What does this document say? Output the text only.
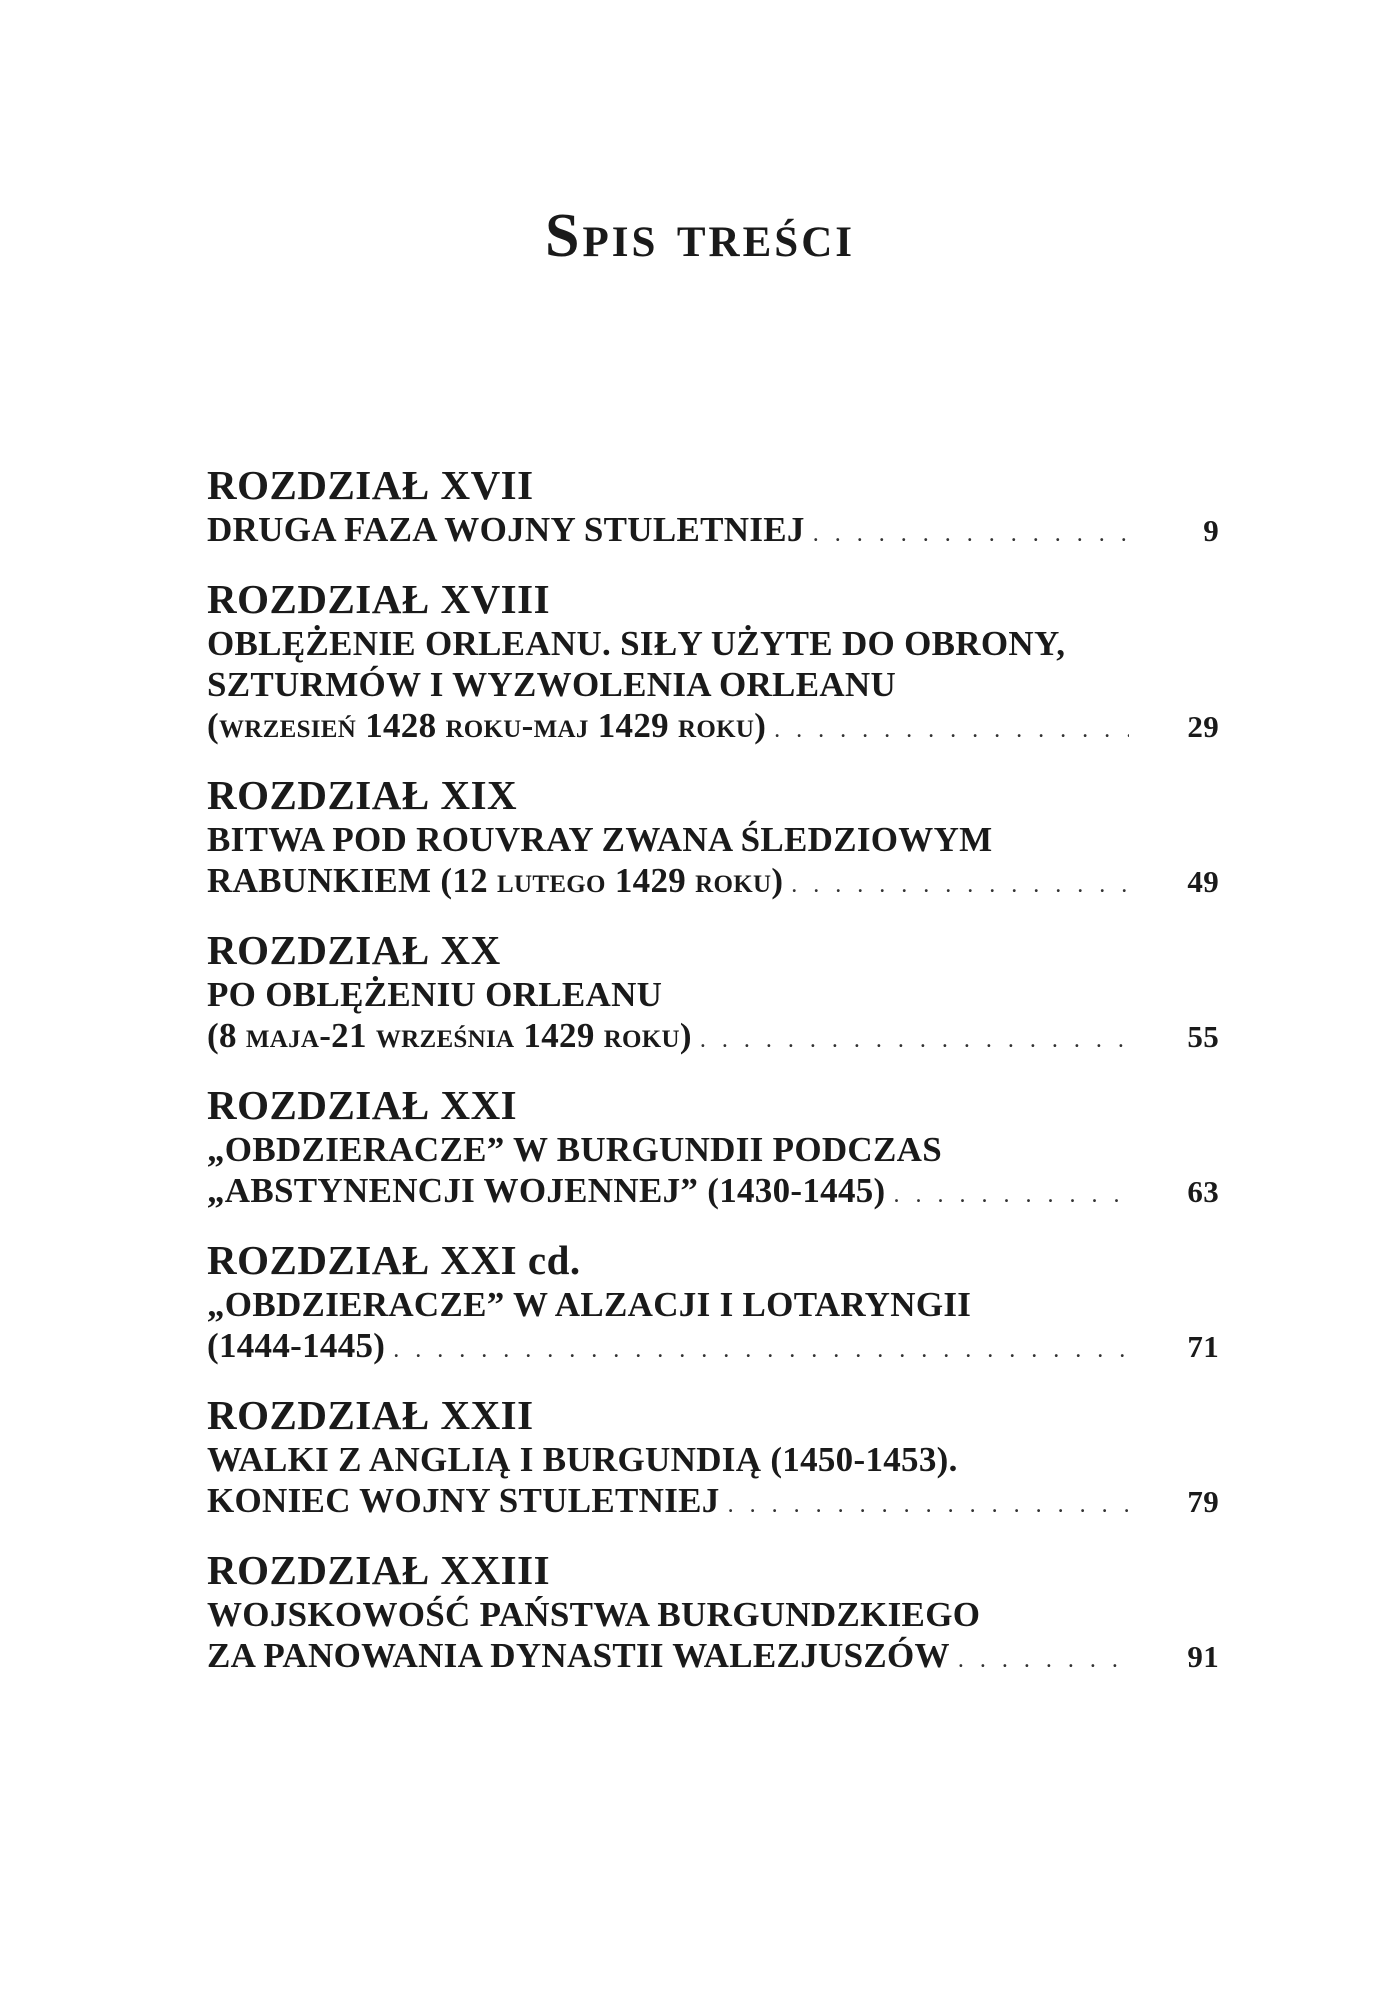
Spis treści
ROZDZIAŁ XVII
DRUGA FAZA WOJNY STULETNIEJ . . .	9
ROZDZIAŁ XVIII
OBLĘŻENIE ORLEANU. SIŁY UŻYTE DO OBRONY,
SZTURMÓW I WYZWOLENIA ORLEANU
(wrzesień 1428 roku-maj 1429 roku) . . .	29
ROZDZIAŁ XIX
BITWA POD ROUVRAY ZWANA ŚLEDZIOWYM
RABUNKIEM (12 lutego 1429 roku) . . .	49
ROZDZIAŁ XX
PO OBLĘŻENIU ORLEANU
(8 maja-21 września 1429 roku) . . .	55
ROZDZIAŁ XXI
„OBDZIERACZE” W BURGUNDII PODCZAS
„ABSTYNENCJI WOJENNEJ” (1430-1445) . . .	63
ROZDZIAŁ XXI cd.
„OBDZIERACZE” W ALZACJI I LOTARYNGII
(1444-1445) . . .	71
ROZDZIAŁ XXII
WALKI Z ANGLIĄ I BURGUNDIĄ (1450-1453).
KONIEC WOJNY STULETNIEJ . . .	79
ROZDZIAŁ XXIII
WOJSKOWOŚĆ PAŃSTWA BURGUNDZKIEGO
ZA PANOWANIA DYNASTII WALEZJUSZÓW . . .	91
